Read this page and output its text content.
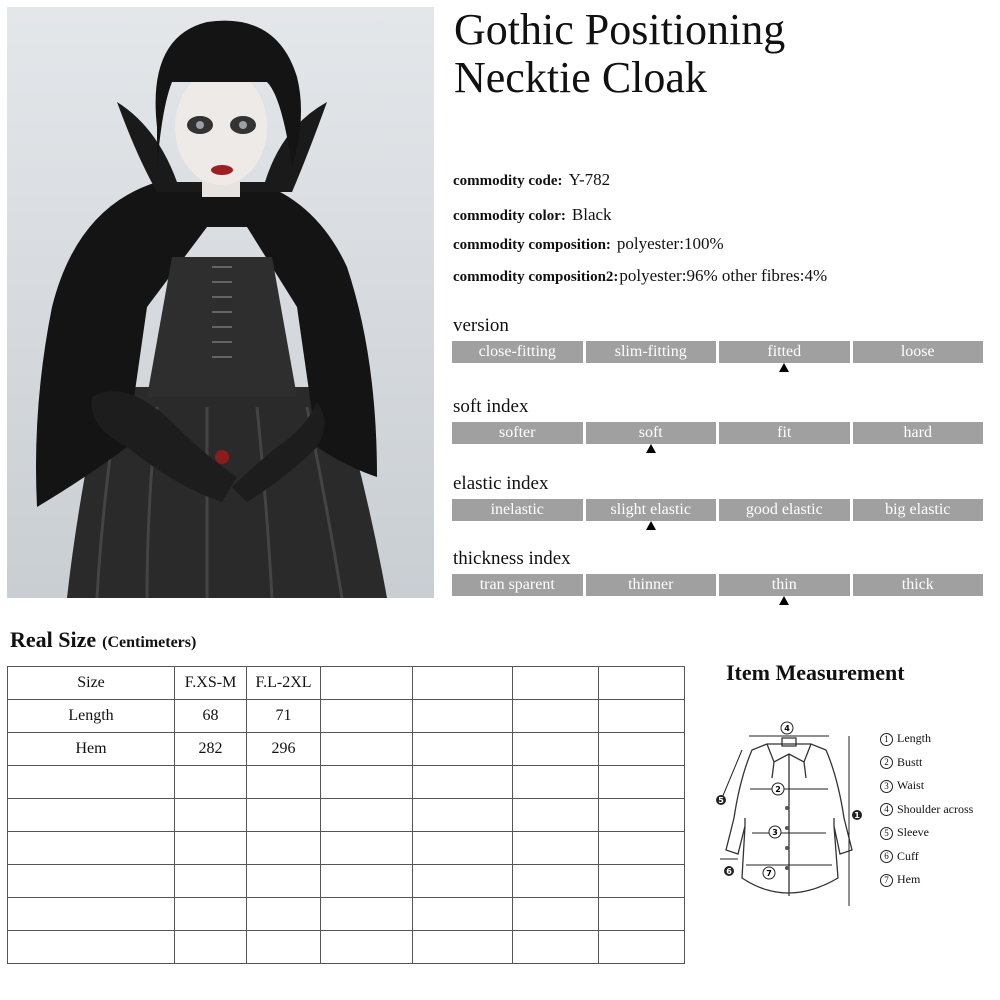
Gothic Positioning
Necktie Cloak
commodity code: Y-782
commodity color: Black
commodity composition: polyester:100%
commodity composition2:polyester:96% other fibres:4%
version
close-fitting	slim-fitting	fitted	loose
soft index
softer	soft	fit	hard
elastic index
inelastic	slight elastic	good elastic	big elastic
thickness index
tran sparent	thinner	thin	thick
Real Size (Centimeters)
Size	F.XS-M	F.L-2XL				
Length	68	71				
Hem	282	296				

Item Measurement
4
2
3
7
1
5
6
1 Length
2 Bustt
3 Waist
4 Shoulder across
5 Sleeve
6 Cuff
7 Hem
